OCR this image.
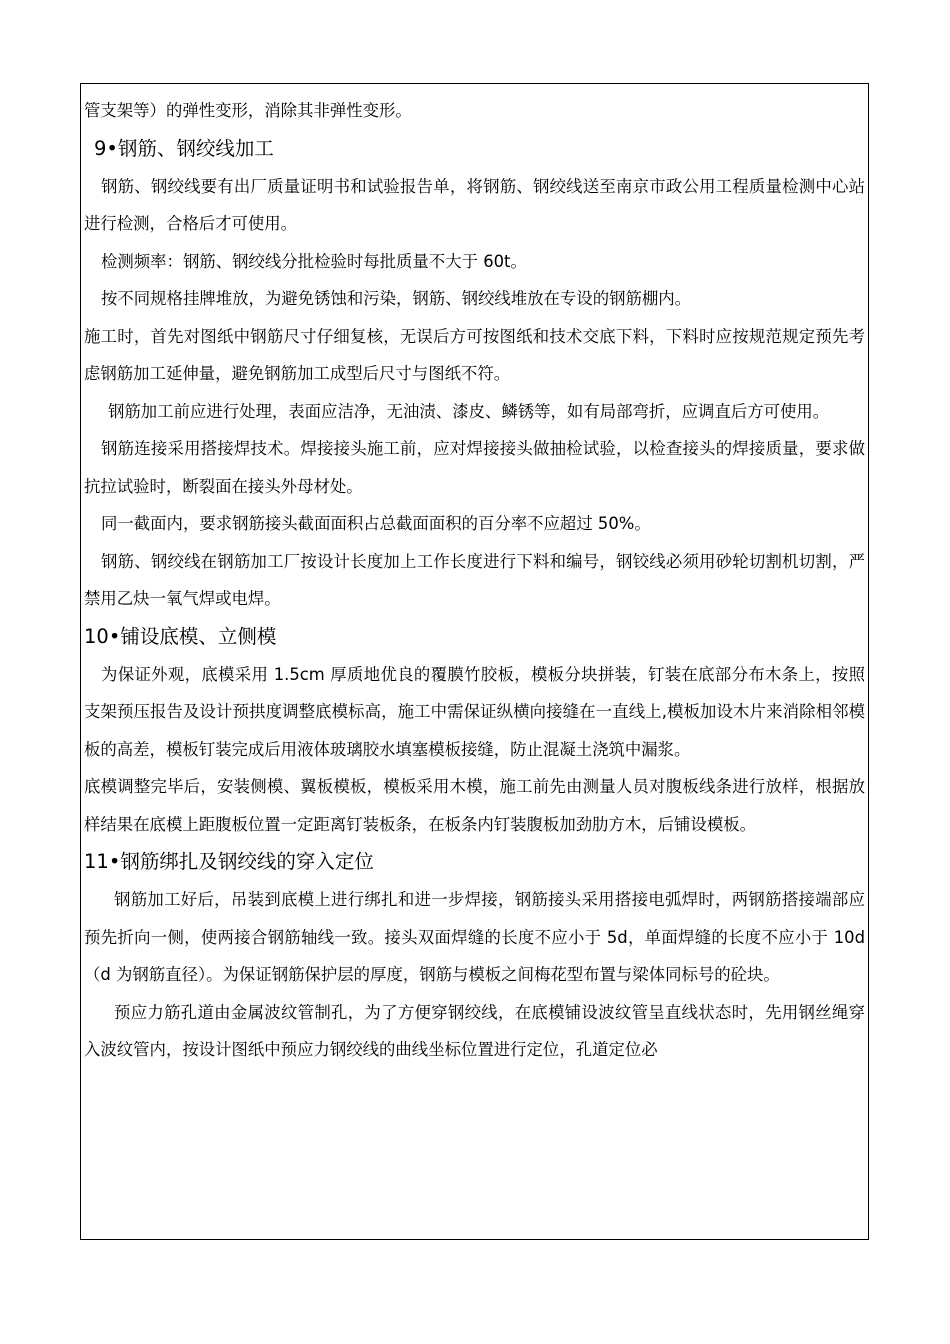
管支架等）的弹性变形，消除其非弹性变形。

9•钢筋、钢绞线加工

钢筋、钢绞线要有出厂质量证明书和试验报告单，将钢筋、钢绞线送至南京市政公用工程质量检测中心站进行检测，合格后才可使用。

检测频率：钢筋、钢绞线分批检验时每批质量不大于 60t。

按不同规格挂牌堆放，为避免锈蚀和污染，钢筋、钢绞线堆放在专设的钢筋棚内。

施工时，首先对图纸中钢筋尺寸仔细复核，无误后方可按图纸和技术交底下料，下料时应按规范规定预先考虑钢筋加工延伸量，避免钢筋加工成型后尺寸与图纸不符。

钢筋加工前应进行处理，表面应洁净，无油渍、漆皮、鳞锈等，如有局部弯折，应调直后方可使用。

钢筋连接采用搭接焊技术。焊接接头施工前，应对焊接接头做抽检试验，以检查接头的焊接质量，要求做抗拉试验时，断裂面在接头外母材处。

同一截面内，要求钢筋接头截面面积占总截面面积的百分率不应超过 50%。

钢筋、钢绞线在钢筋加工厂按设计长度加上工作长度进行下料和编号，钢铰线必须用砂轮切割机切割，严禁用乙炔一氧气焊或电焊。

10•铺设底模、立侧模

为保证外观，底模采用 1.5cm 厚质地优良的覆膜竹胶板，模板分块拼装，钉装在底部分布木条上，按照支架预压报告及设计预拱度调整底模标高，施工中需保证纵横向接缝在一直线上,模板加设木片来消除相邻模板的高差，模板钉装完成后用液体玻璃胶水填塞模板接缝，防止混凝土浇筑中漏浆。

底模调整完毕后，安装侧模、翼板模板，模板采用木模，施工前先由测量人员对腹板线条进行放样，根据放样结果在底模上距腹板位置一定距离钉装板条，在板条内钉装腹板加劲肋方木，后铺设模板。

11•钢筋绑扎及钢绞线的穿入定位

钢筋加工好后，吊装到底模上进行绑扎和进一步焊接，钢筋接头采用搭接电弧焊时，两钢筋搭接端部应预先折向一侧，使两接合钢筋轴线一致。接头双面焊缝的长度不应小于 5d，单面焊缝的长度不应小于 10d（d 为钢筋直径）。为保证钢筋保护层的厚度，钢筋与模板之间梅花型布置与梁体同标号的砼块。

预应力筋孔道由金属波纹管制孔，为了方便穿钢绞线，在底模铺设波纹管呈直线状态时，先用钢丝绳穿入波纹管内，按设计图纸中预应力钢绞线的曲线坐标位置进行定位，孔道定位必
